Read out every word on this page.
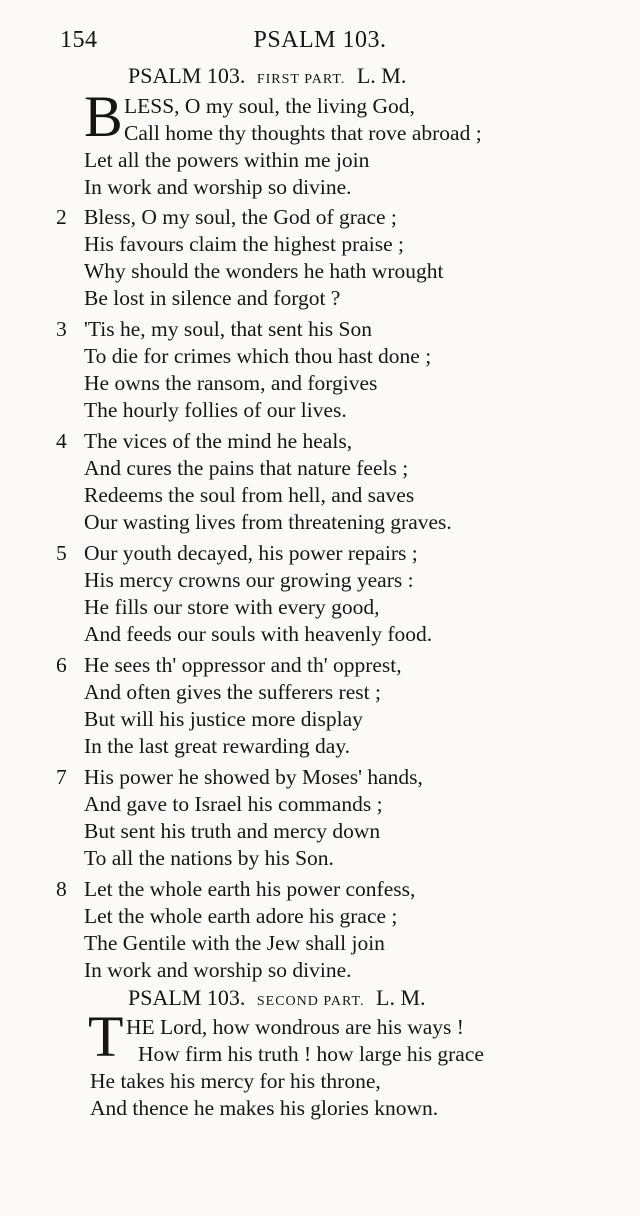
154	PSALM 103.
PSALM 103. FIRST PART. L. M.
B LESS, O my soul, the living God,
Call home thy thoughts that rove abroad ;
Let all the powers within me join
In work and worship so divine.
2 Bless, O my soul, the God of grace ;
His favours claim the highest praise ;
Why should the wonders he hath wrought
Be lost in silence and forgot ?
3 'Tis he, my soul, that sent his Son
To die for crimes which thou hast done ;
He owns the ransom, and forgives
The hourly follies of our lives.
4 The vices of the mind he heals,
And cures the pains that nature feels ;
Redeems the soul from hell, and saves
Our wasting lives from threatening graves.
5 Our youth decayed, his power repairs ;
His mercy crowns our growing years :
He fills our store with every good,
And feeds our souls with heavenly food.
6 He sees th' oppressor and th' opprest,
And often gives the sufferers rest ;
But will his justice more display
In the last great rewarding day.
7 His power he showed by Moses' hands,
And gave to Israel his commands ;
But sent his truth and mercy down
To all the nations by his Son.
8 Let the whole earth his power confess,
Let the whole earth adore his grace ;
The Gentile with the Jew shall join
In work and worship so divine.
PSALM 103. SECOND PART. L. M.
T HE Lord, how wondrous are his ways !
How firm his truth ! how large his grace
He takes his mercy for his throne,
And thence he makes his glories known.
